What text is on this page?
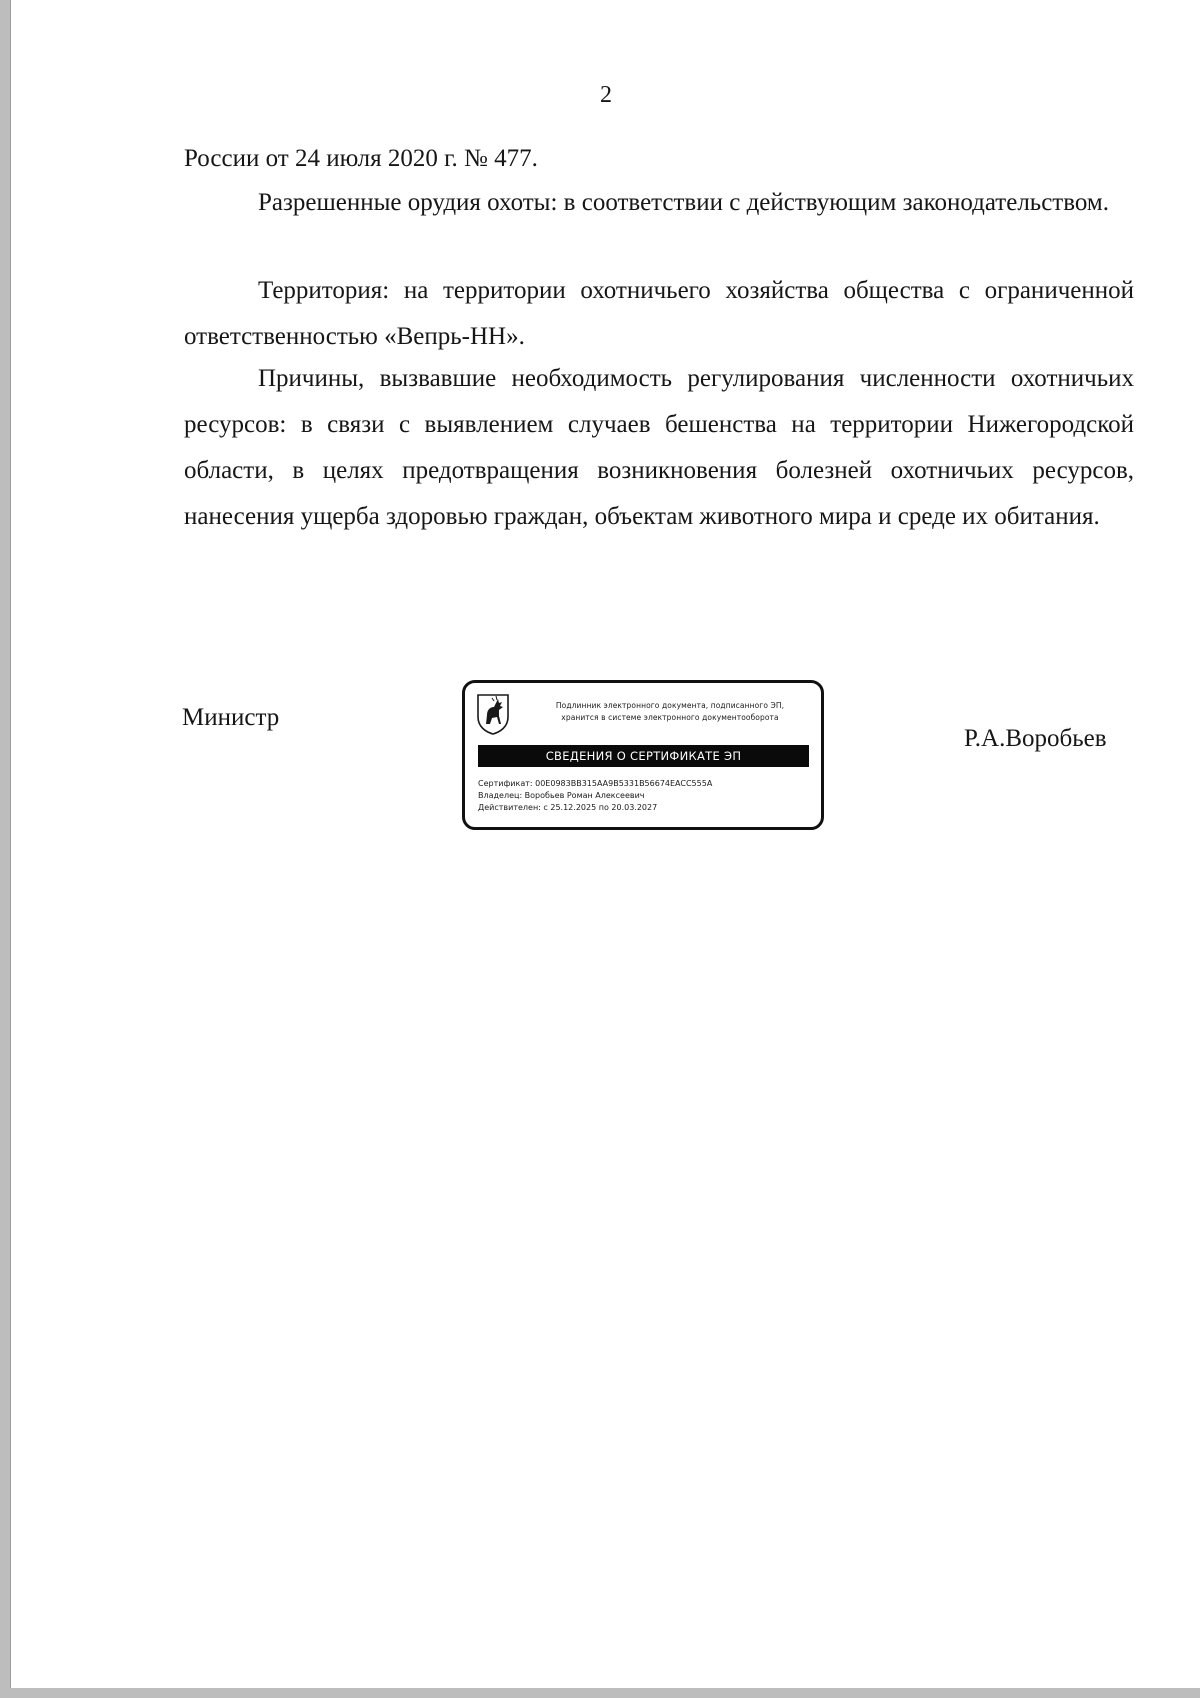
2

России от 24 июля 2020 г. № 477.

Разрешенные орудия охоты: в соответствии с действующим законодательством.

Территория: на территории охотничьего хозяйства общества с ограниченной ответственностью «Вепрь-НН».

Причины, вызвавшие необходимость регулирования численности охотничьих ресурсов: в связи с выявлением случаев бешенства на территории Нижегородской области, в целях предотвращения возникновения болезней охотничьих ресурсов, нанесения ущерба здоровью граждан, объектам животного мира и среде их обитания.

Министр	Подлинник электронного документа, подписанного ЭП,
хранится в системе электронного документооборота
СВЕДЕНИЯ О СЕРТИФИКАТЕ ЭП
Сертификат: 00E0983BB315AA9B5331B56674EACC555A
Владелец: Воробьев Роман Алексеевич
Действителен: с 25.12.2025 по 20.03.2027
Р.А.Воробьев
